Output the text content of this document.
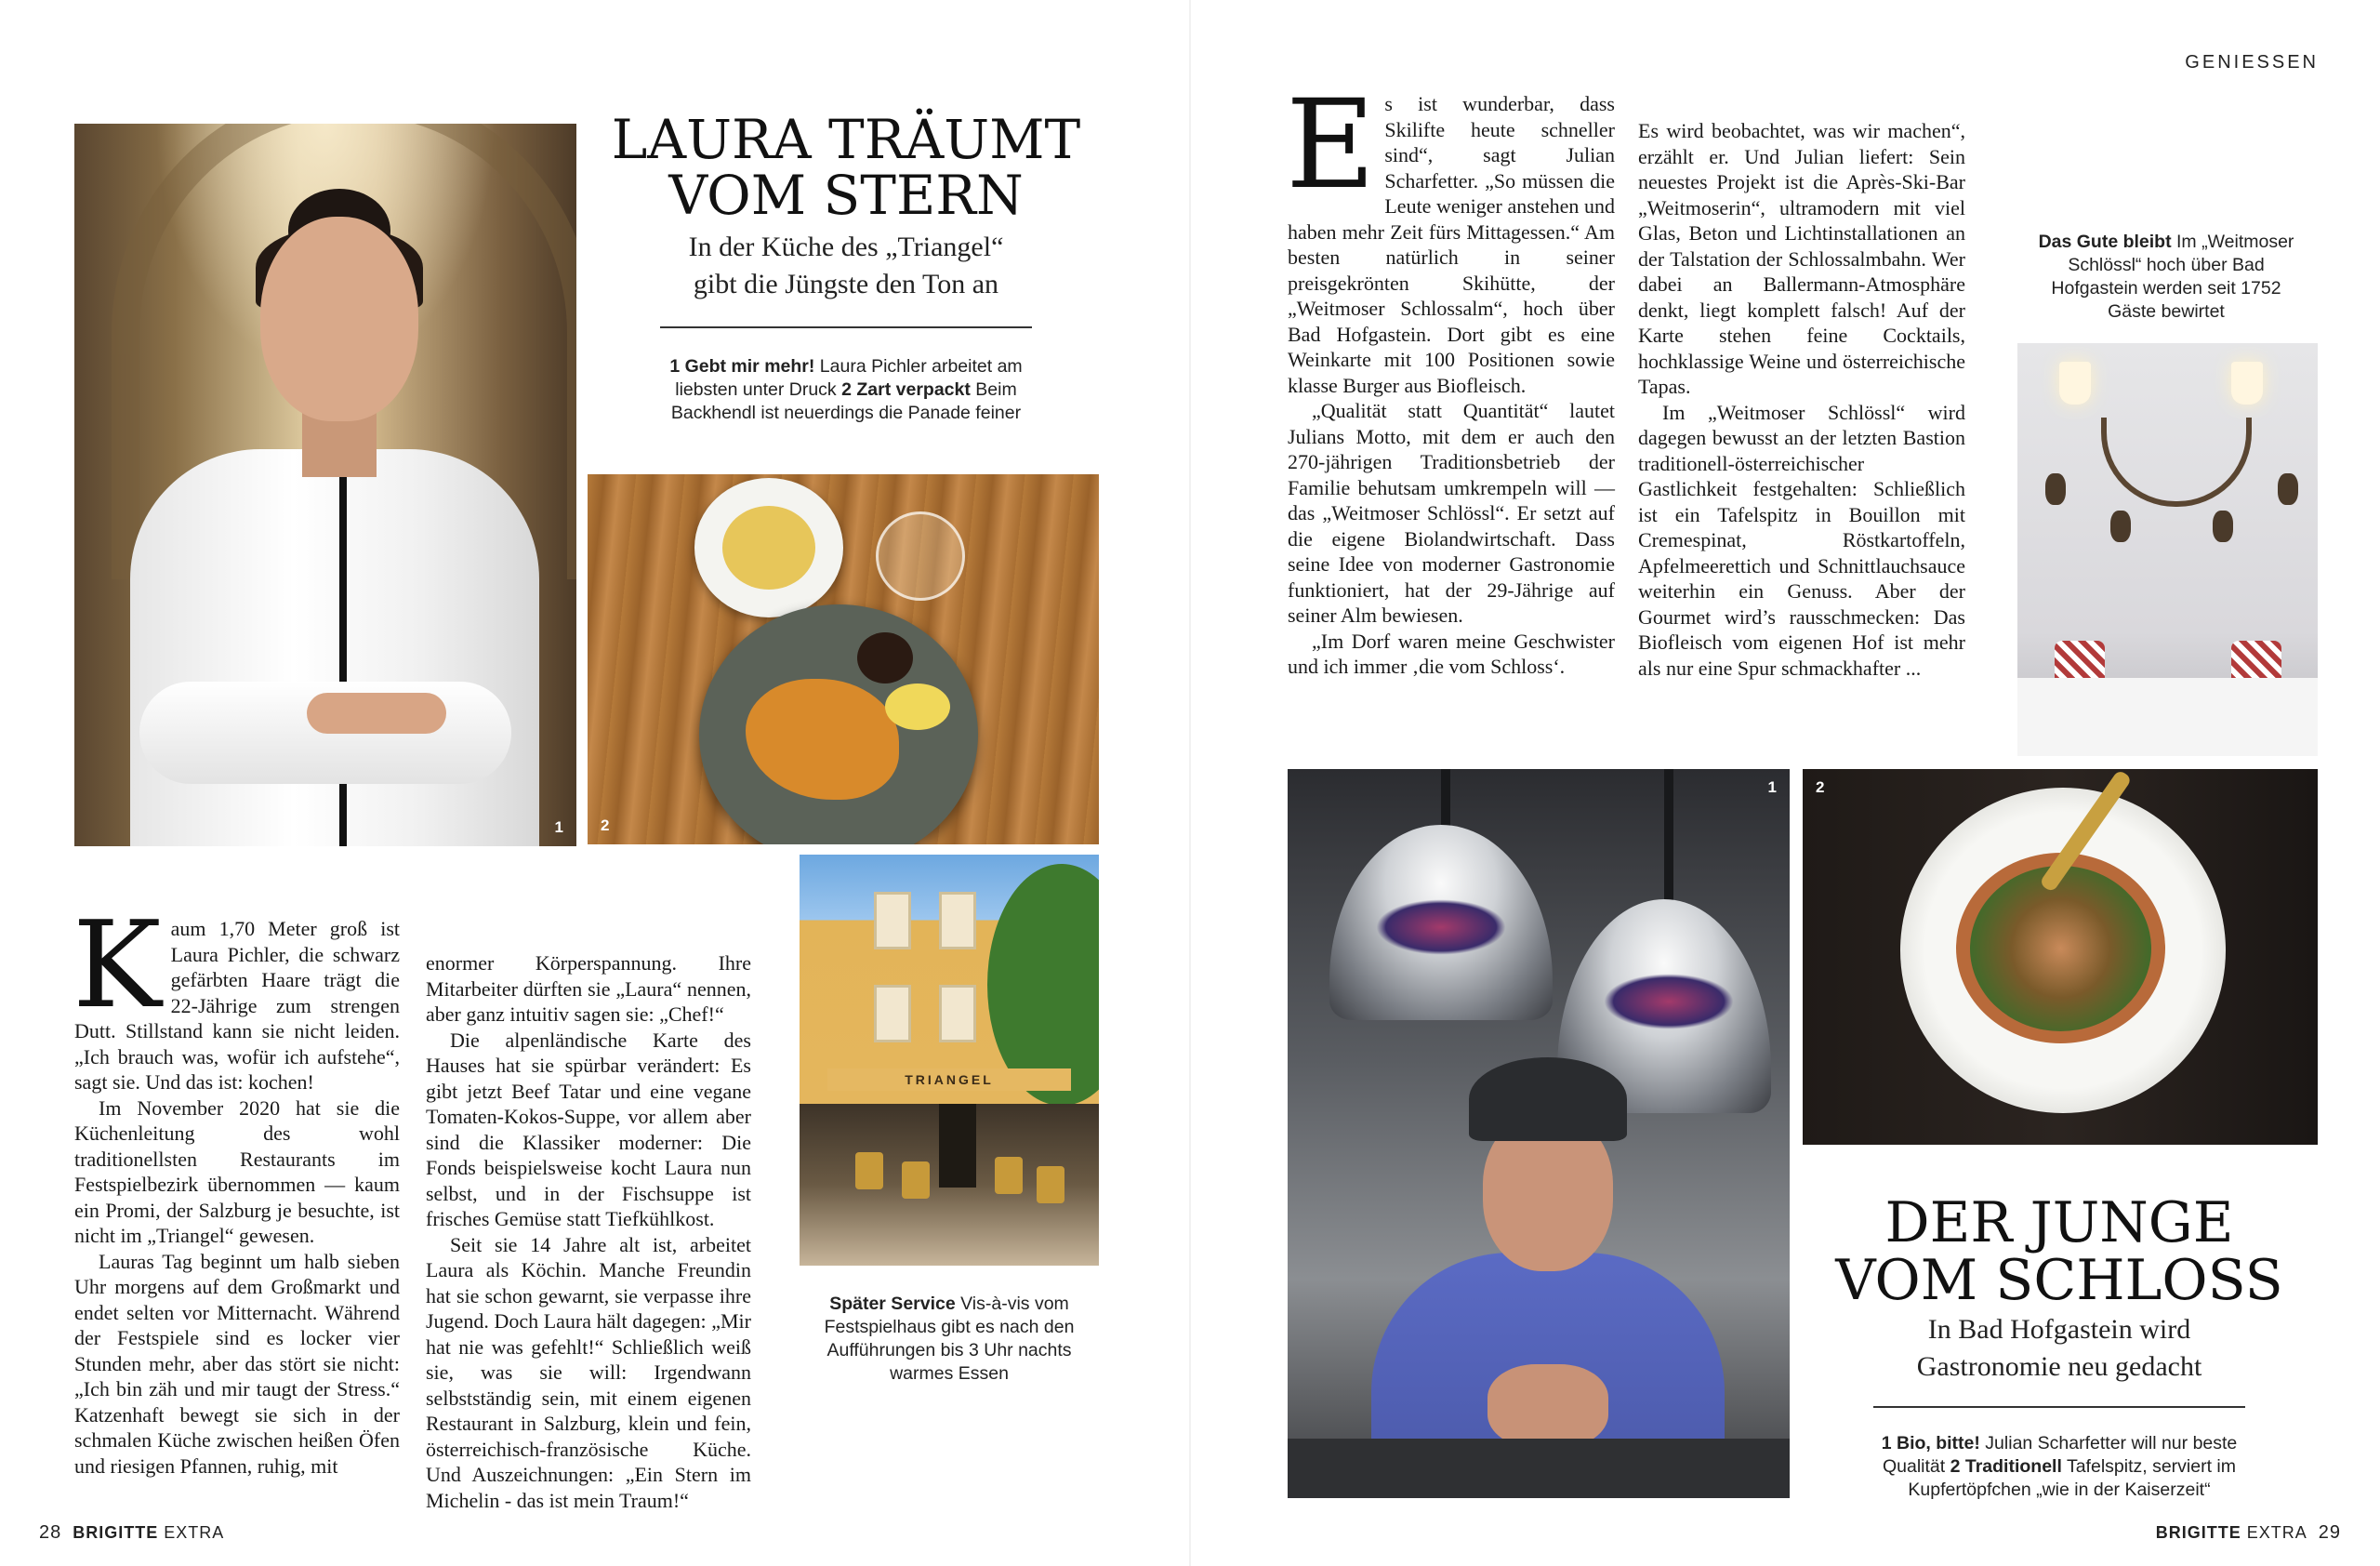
GENIESSEN
1
LAURA TRÄUMT
VOM STERN

In der Küche des „Triangel“
gibt die Jüngste den Ton an

1 Gebt mir mehr! Laura Pichler arbeitet am liebsten unter Druck 2 Zart verpackt Beim Backhendl ist neuerdings die Panade feiner

2

Kaum 1,70 Meter groß ist Laura Pichler, die schwarz gefärbten Haare trägt die 22-Jährige zum strengen Dutt. Stillstand kann sie nicht leiden. „Ich brauch was, wofür ich aufstehe“, sagt sie. Und das ist: kochen!

Im November 2020 hat sie die Küchenleitung des wohl traditionellsten Restaurants im Festspielbezirk übernommen — kaum ein Promi, der Salzburg je besuchte, ist nicht im „Triangel“ gewesen.

Lauras Tag beginnt um halb sieben Uhr morgens auf dem Großmarkt und endet selten vor Mitternacht. Während der Festspiele sind es locker vier Stunden mehr, aber das stört sie nicht: „Ich bin zäh und mir taugt der Stress.“ Katzenhaft bewegt sie sich in der schmalen Küche zwischen heißen Öfen und riesigen Pfannen, ruhig, mit

enormer Körperspannung. Ihre Mitarbeiter dürften sie „Laura“ nennen, aber ganz intuitiv sagen sie: „Chef!“

Die alpenländische Karte des Hauses hat sie spürbar verändert: Es gibt jetzt Beef Tatar und eine vegane Tomaten-Kokos-Suppe, vor allem aber sind die Klassiker moderner: Die Fonds beispielsweise kocht Laura nun selbst, und in der Fischsuppe ist frisches Gemüse statt Tiefkühlkost.

Seit sie 14 Jahre alt ist, arbeitet Laura als Köchin. Manche Freundin hat sie schon gewarnt, sie verpasse ihre Jugend. Doch Laura hält dagegen: „Mir hat nie was gefehlt!“ Schließlich weiß sie, was sie will: Irgendwann selbstständig sein, mit einem eigenen Restaurant in Salzburg, klein und fein, österreichisch-französische Küche. Und Auszeichnungen: „Ein Stern im Michelin - das ist mein Traum!“

TRIANGEL

Später Service Vis-à-vis vom Festspielhaus gibt es nach den Aufführungen bis 3 Uhr nachts warmes Essen

28 BRIGITTE EXTRA

Es ist wunderbar, dass Skilifte heute schneller sind“, sagt Julian Scharfetter. „So müssen die Leute weniger anstehen und haben mehr Zeit fürs Mittagessen.“ Am besten natürlich in seiner preisgekrönten Skihütte, der „Weitmoser Schlossalm“, hoch über Bad Hofgastein. Dort gibt es eine Weinkarte mit 100 Positionen sowie klasse Burger aus Biofleisch.

„Qualität statt Quantität“ lautet Julians Motto, mit dem er auch den 270-jährigen Traditionsbetrieb der Familie behutsam umkrempeln will — das „Weitmoser Schlössl“. Er setzt auf die eigene Biolandwirtschaft. Dass seine Idee von moderner Gastronomie funktioniert, hat der 29-Jährige auf seiner Alm bewiesen.

„Im Dorf waren meine Geschwister und ich immer ‚die vom Schloss‘.

Es wird beobachtet, was wir machen“, erzählt er. Und Julian liefert: Sein neuestes Projekt ist die Après-Ski-Bar „Weitmoserin“, ultramodern mit viel Glas, Beton und Lichtinstallationen an der Talstation der Schlossalmbahn. Wer dabei an Ballermann-Atmosphäre denkt, liegt komplett falsch! Auf der Karte stehen feine Cocktails, hochklassige Weine und österreichische Tapas.

Im „Weitmoser Schlössl“ wird dagegen bewusst an der letzten Bastion traditionell-österreichischer Gastlichkeit festgehalten: Schließlich ist ein Tafelspitz in Bouillon mit Cremespinat, Röstkartoffeln, Apfelmeerettich und Schnittlauchsauce weiterhin ein Genuss. Aber der Gourmet wird’s rausschmecken: Das Biofleisch vom eigenen Hof ist mehr als nur eine Spur schmackhafter ...

Das Gute bleibt Im „Weitmoser Schlössl“ hoch über Bad Hofgastein werden seit 1752 Gäste bewirtet

1 2
DER JUNGE
VOM SCHLOSS

In Bad Hofgastein wird
Gastronomie neu gedacht

1 Bio, bitte! Julian Scharfetter will nur beste Qualität 2 Traditionell Tafelspitz, serviert im Kupfertöpfchen „wie in der Kaiserzeit“

BRIGITTE EXTRA 29
